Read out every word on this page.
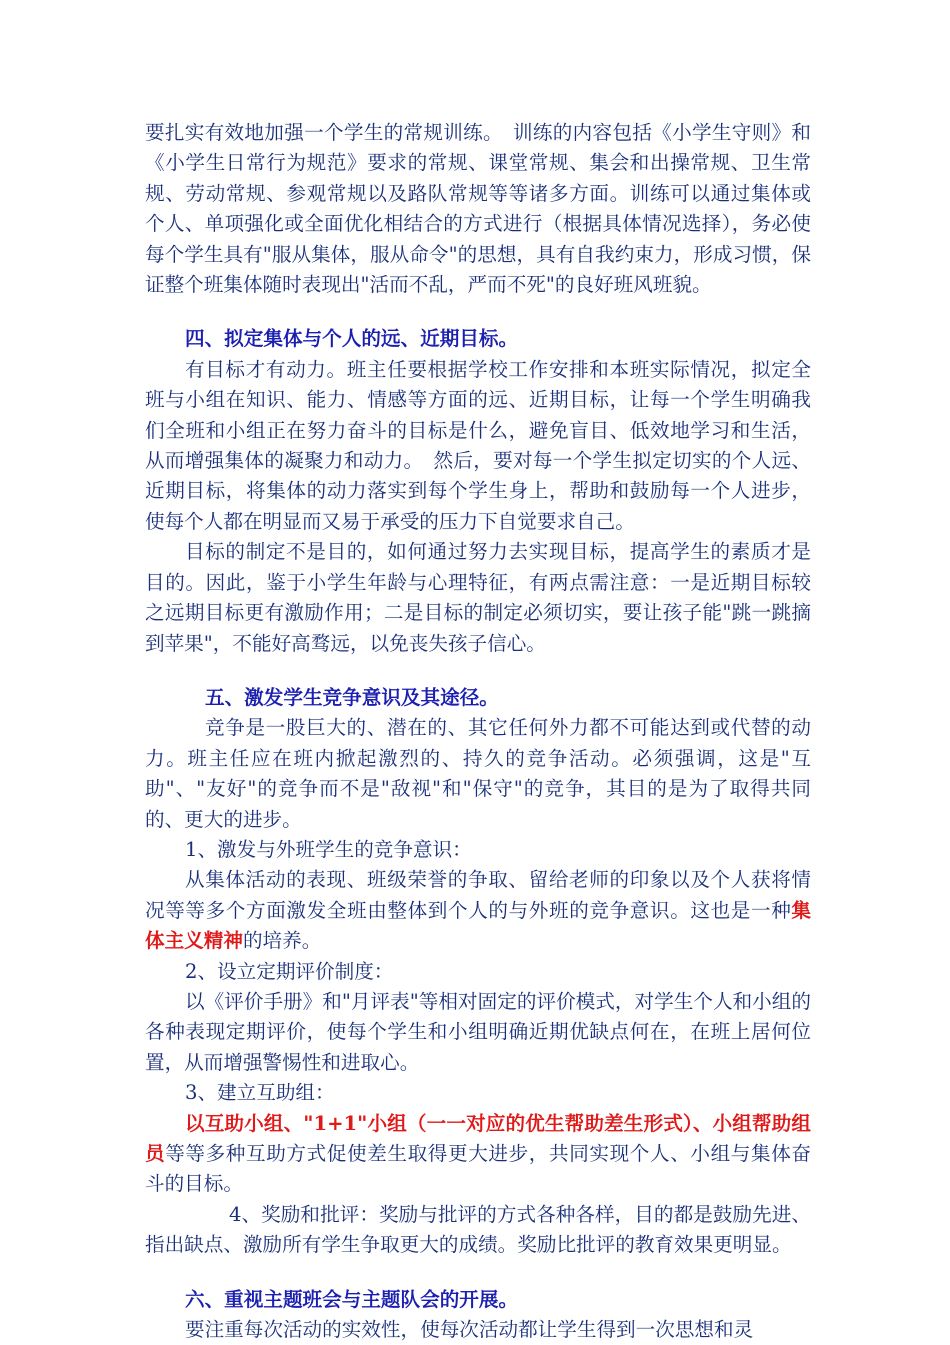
要扎实有效地加强一个学生的常规训练。　训练的内容包括《小学生守则》和《小学生日常行为规范》要求的常规、课堂常规、集会和出操常规、卫生常规、劳动常规、参观常规以及路队常规等等诸多方面。训练可以通过集体或个人、单项强化或全面优化相结合的方式进行（根据具体情况选择），务必使每个学生具有"服从集体，服从命令"的思想，具有自我约束力，形成习惯，保证整个班集体随时表现出"活而不乱，严而不死"的良好班风班貌。

四、拟定集体与个人的远、近期目标。

有目标才有动力。班主任要根据学校工作安排和本班实际情况，拟定全班与小组在知识、能力、情感等方面的远、近期目标，让每一个学生明确我们全班和小组正在努力奋斗的目标是什么，避免盲目、低效地学习和生活，从而增强集体的凝聚力和动力。　然后，要对每一个学生拟定切实的个人远、近期目标，将集体的动力落实到每个学生身上，帮助和鼓励每一个人进步，使每个人都在明显而又易于承受的压力下自觉要求自己。

目标的制定不是目的，如何通过努力去实现目标，提高学生的素质才是目的。因此，鉴于小学生年龄与心理特征，有两点需注意：一是近期目标较之远期目标更有激励作用；二是目标的制定必须切实，要让孩子能"跳一跳摘到苹果"，不能好高骛远，以免丧失孩子信心。

五、激发学生竞争意识及其途径。

竞争是一股巨大的、潜在的、其它任何外力都不可能达到或代替的动力。班主任应在班内掀起激烈的、持久的竞争活动。必须强调，这是"互助"、"友好"的竞争而不是"敌视"和"保守"的竞争，其目的是为了取得共同的、更大的进步。

1、激发与外班学生的竞争意识：

从集体活动的表现、班级荣誉的争取、留给老师的印象以及个人获将情况等等多个方面激发全班由整体到个人的与外班的竞争意识。这也是一种集体主义精神的培养。

2、设立定期评价制度：

以《评价手册》和"月评表"等相对固定的评价模式，对学生个人和小组的各种表现定期评价，使每个学生和小组明确近期优缺点何在，在班上居何位置，从而增强警惕性和进取心。

3、建立互助组：

以互助小组、"1+1"小组（一一对应的优生帮助差生形式）、小组帮助组员等等多种互助方式促使差生取得更大进步，共同实现个人、小组与集体奋斗的目标。

4、奖励和批评：奖励与批评的方式各种各样，目的都是鼓励先进、指出缺点、激励所有学生争取更大的成绩。奖励比批评的教育效果更明显。

六、重视主题班会与主题队会的开展。

要注重每次活动的实效性，使每次活动都让学生得到一次思想和灵
